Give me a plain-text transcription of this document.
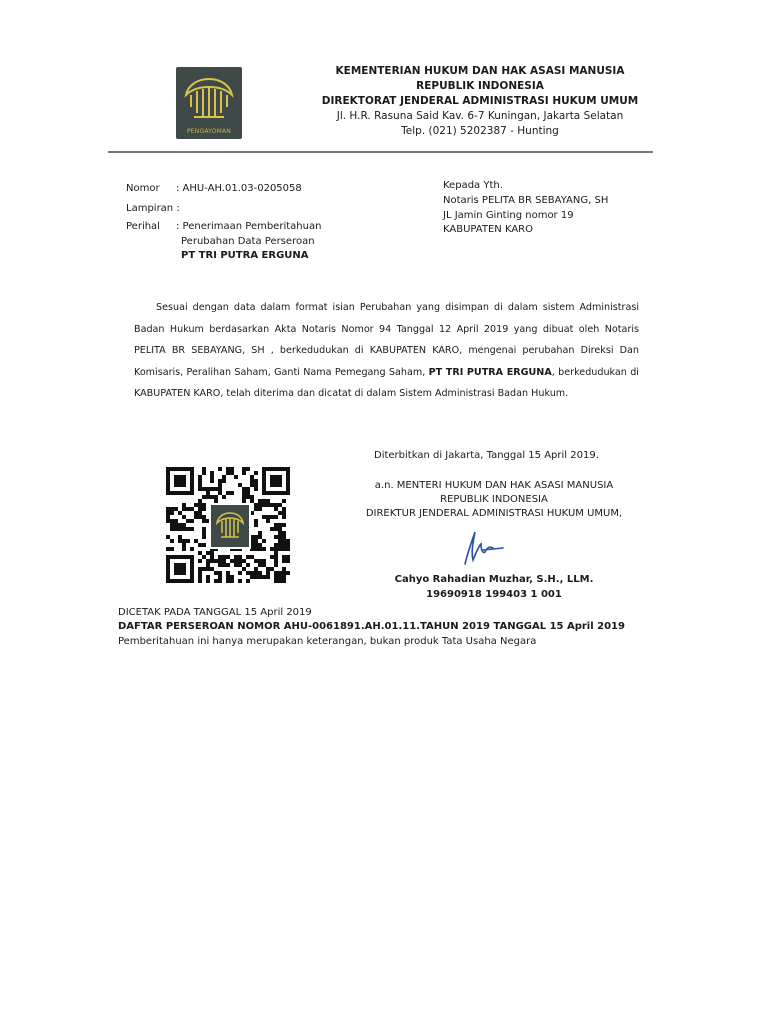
PENGAYOMAN
KEMENTERIAN HUKUM DAN HAK ASASI MANUSIA
REPUBLIK INDONESIA
DIREKTORAT JENDERAL ADMINISTRASI HUKUM UMUM
Jl. H.R. Rasuna Said Kav. 6-7 Kuningan, Jakarta Selatan
Telp. (021) 5202387 - Hunting
Nomor : AHU-AH.01.03-0205058
Lampiran :
Perihal : Penerimaan Pemberitahuan
Perubahan Data Perseroan
PT TRI PUTRA ERGUNA
Kepada Yth.
Notaris PELITA BR SEBAYANG, SH
JL Jamin Ginting nomor 19
KABUPATEN KARO

Sesuai dengan data dalam format isian Perubahan yang disimpan di dalam sistem Administrasi Badan Hukum berdasarkan Akta Notaris Nomor 94 Tanggal 12 April 2019 yang dibuat oleh Notaris PELITA BR SEBAYANG, SH , berkedudukan di KABUPATEN KARO, mengenai perubahan Direksi Dan Komisaris, Peralihan Saham, Ganti Nama Pemegang Saham, PT TRI PUTRA ERGUNA, berkedudukan di KABUPATEN KARO, telah diterima dan dicatat di dalam Sistem Administrasi Badan Hukum.

Diterbitkan di Jakarta, Tanggal 15 April 2019.
a.n. MENTERI HUKUM DAN HAK ASASI MANUSIA
REPUBLIK INDONESIA
DIREKTUR JENDERAL ADMINISTRASI HUKUM UMUM,
Cahyo Rahadian Muzhar, S.H., LLM.
19690918 199403 1 001
DICETAK PADA TANGGAL 15 April 2019
DAFTAR PERSEROAN NOMOR AHU-0061891.AH.01.11.TAHUN 2019 TANGGAL 15 April 2019
Pemberitahuan ini hanya merupakan keterangan, bukan produk Tata Usaha Negara
